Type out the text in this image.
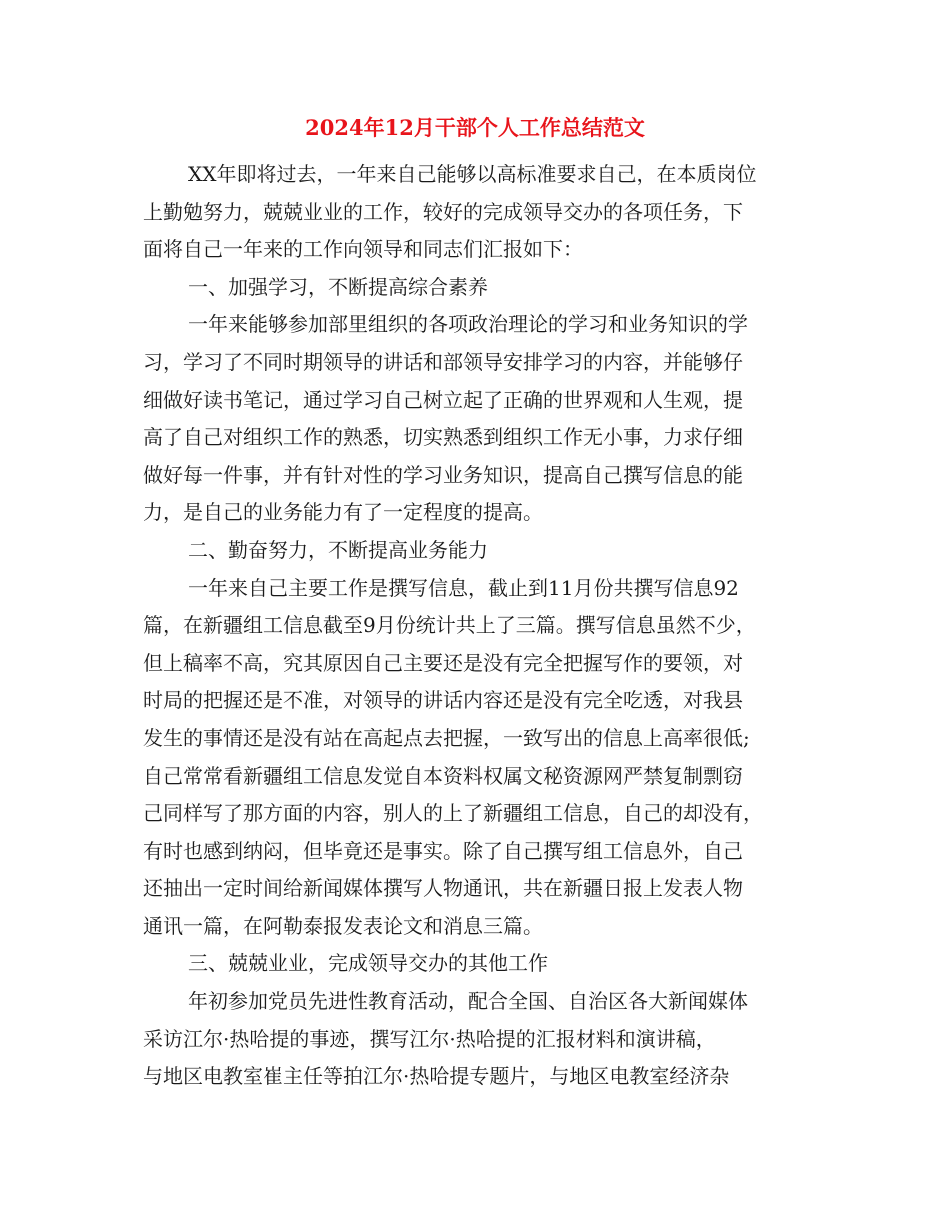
2024年12月干部个人工作总结范文
XX年即将过去，一年来自己能够以高标准要求自己，在本质岗位
上勤勉努力，兢兢业业的工作，较好的完成领导交办的各项任务，下
面将自己一年来的工作向领导和同志们汇报如下：
一、加强学习，不断提高综合素养
一年来能够参加部里组织的各项政治理论的学习和业务知识的学
习，学习了不同时期领导的讲话和部领导安排学习的内容，并能够仔
细做好读书笔记，通过学习自己树立起了正确的世界观和人生观，提
高了自己对组织工作的熟悉，切实熟悉到组织工作无小事，力求仔细
做好每一件事，并有针对性的学习业务知识，提高自己撰写信息的能
力，是自己的业务能力有了一定程度的提高。
二、勤奋努力，不断提高业务能力
一年来自己主要工作是撰写信息，截止到11月份共撰写信息92
篇，在新疆组工信息截至9月份统计共上了三篇。撰写信息虽然不少，
但上稿率不高，究其原因自己主要还是没有完全把握写作的要领，对
时局的把握还是不准，对领导的讲话内容还是没有完全吃透，对我县
发生的事情还是没有站在高起点去把握，一致写出的信息上高率很低;
自己常常看新疆组工信息发觉自本资料权属文秘资源网严禁复制剽窃
己同样写了那方面的内容，别人的上了新疆组工信息，自己的却没有，
有时也感到纳闷，但毕竟还是事实。除了自己撰写组工信息外，自己
还抽出一定时间给新闻媒体撰写人物通讯，共在新疆日报上发表人物
通讯一篇，在阿勒泰报发表论文和消息三篇。
三、兢兢业业，完成领导交办的其他工作
年初参加党员先进性教育活动，配合全国、自治区各大新闻媒体
采访江尔·热哈提的事迹，撰写江尔·热哈提的汇报材料和演讲稿，
与地区电教室崔主任等拍江尔·热哈提专题片，与地区电教室经济杂
